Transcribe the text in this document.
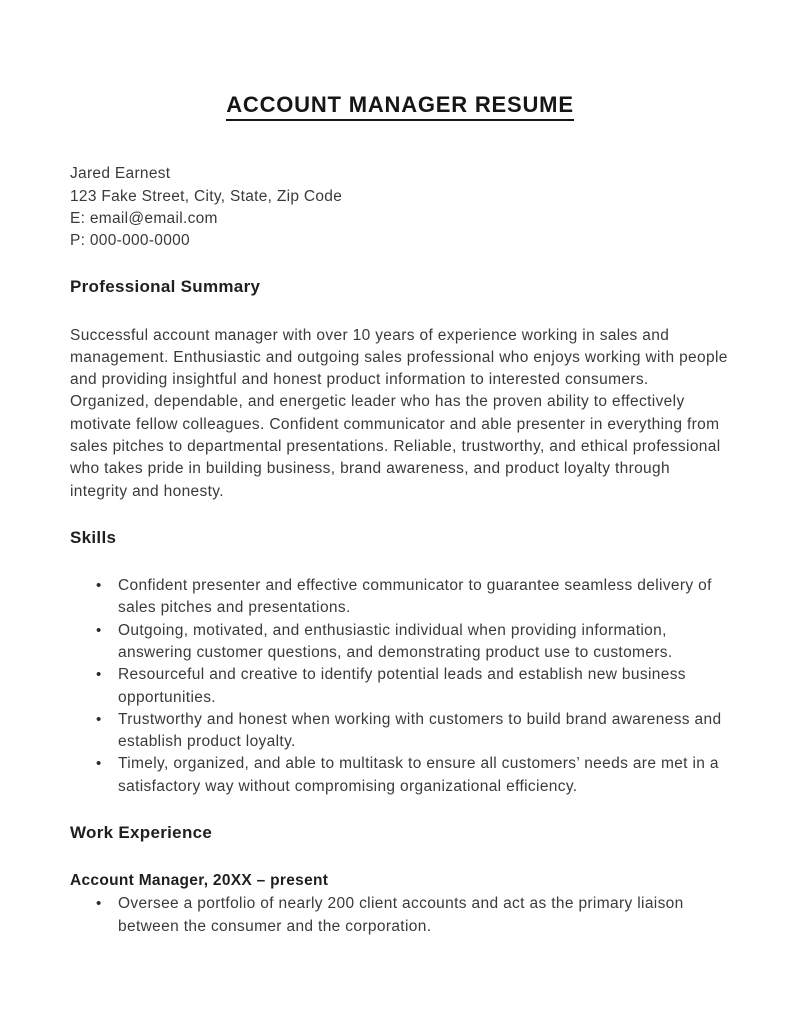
ACCOUNT MANAGER RESUME

Jared Earnest

123 Fake Street, City, State, Zip Code

E: email@email.com

P: 000-000-0000

Professional Summary

Successful account manager with over 10 years of experience working in sales and management. Enthusiastic and outgoing sales professional who enjoys working with people and providing insightful and honest product information to interested consumers. Organized, dependable, and energetic leader who has the proven ability to effectively motivate fellow colleagues. Confident communicator and able presenter in everything from sales pitches to departmental presentations. Reliable, trustworthy, and ethical professional who takes pride in building business, brand awareness, and product loyalty through integrity and honesty.

Skills
• Confident presenter and effective communicator to guarantee seamless delivery of sales pitches and presentations.
• Outgoing, motivated, and enthusiastic individual when providing information, answering customer questions, and demonstrating product use to customers.
• Resourceful and creative to identify potential leads and establish new business opportunities.
• Trustworthy and honest when working with customers to build brand awareness and establish product loyalty.
• Timely, organized, and able to multitask to ensure all customers’ needs are met in a satisfactory way without compromising organizational efficiency.
Work Experience
Account Manager, 20XX – present
• Oversee a portfolio of nearly 200 client accounts and act as the primary liaison between the consumer and the corporation.
